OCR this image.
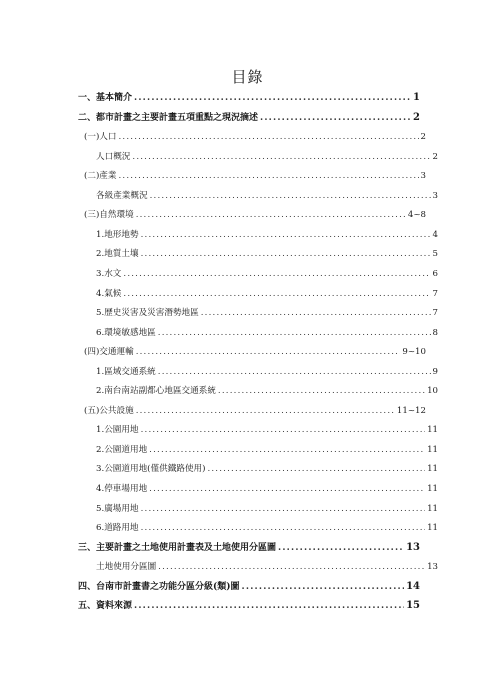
目錄
一、基本簡介 .....	1
二、都市計畫之主要計畫五項重點之現況摘述 .....	2
(一)人口 .....	2
人口概況 .....	2
(二)產業 .....	3
各級產業概況 .....	3
(三)自然環境 .....	4~8
1.地形地勢 .....	4
2.地質土壤 .....	5
3.水文 .....	6
4.氣候 .....	7
5.歷史災害及災害潛勢地區 .....	7
6.環境敏感地區 .....	8
(四)交通運輸 .....	9~10
1.區域交通系統 .....	9
2.南台南站副都心地區交通系統 .....	10
(五)公共設施 .....	11~12
1.公園用地 .....	11
2.公園道用地 .....	11
3.公園道用地(僅供鐵路使用) .....	11
4.停車場用地 .....	11
5.廣場用地 .....	11
6.道路用地 .....	11
三、主要計畫之土地使用計畫表及土地使用分區圖 .....	13
土地使用分區圖 .....	13
四、台南市計畫書之功能分區分級(類)圖 .....	14
五、資料來源 .....	15
